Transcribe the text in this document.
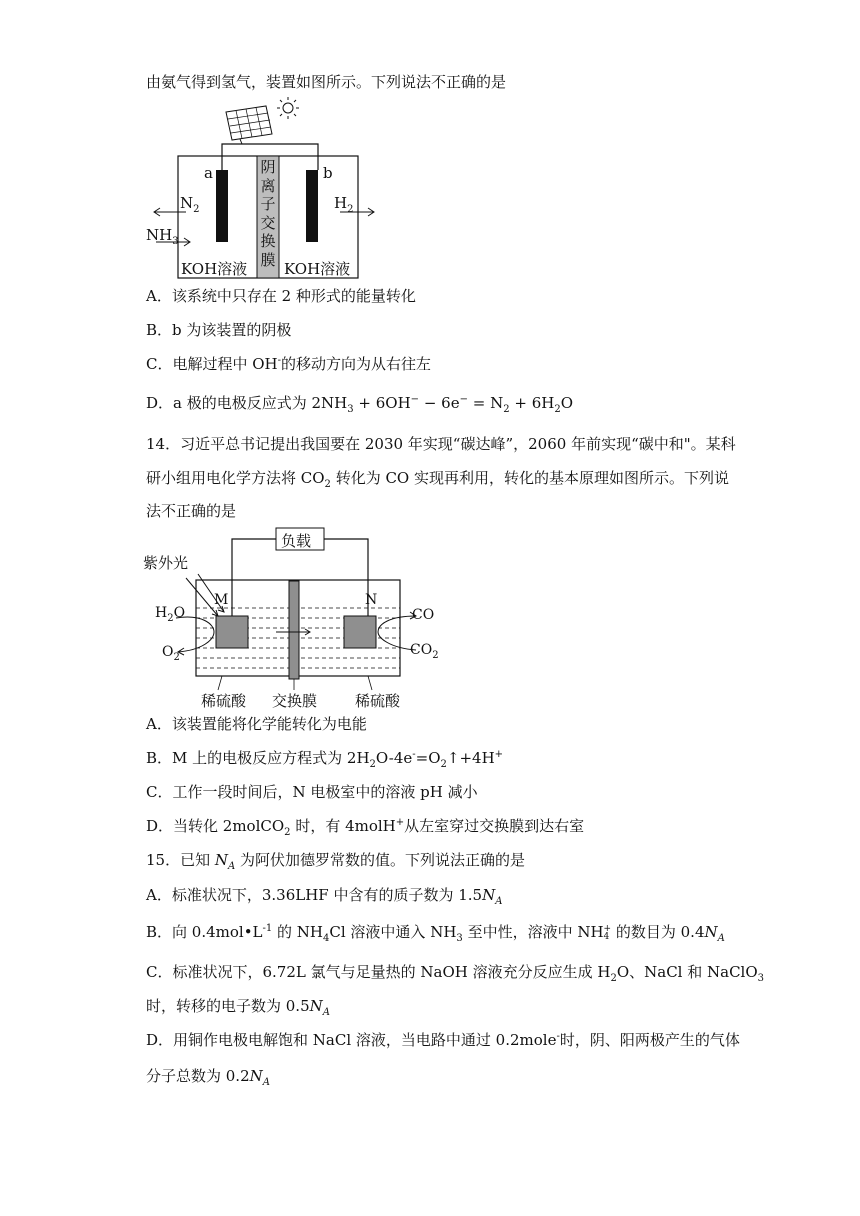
由氨气得到氢气，装置如图所示。下列说法不正确的是
a	b
阴
离
子
交
换
膜
$N_2$
$NH_3$
$H_2$
KOH溶液 KOH溶液
A．该系统中只存在 2 种形式的能量转化
B．b 为该装置的阴极
C．电解过程中 OH-的移动方向为从右往左
D．a 极的电极反应式为 $2NH_3 + 6OH^- - 6e^- = N_2 + 6H_2O$
14．习近平总书记提出我国要在 2030 年实现“碳达峰”，2060 年前实现“碳中和"。某科
研小组用电化学方法将 $CO_2$ 转化为 CO 实现再利用，转化的基本原理如图所示。下列说
法不正确的是
负载
紫外光
M	N
$H_2O$
$O_2$
CO
$CO_2$
稀硫酸 交换膜	稀硫酸
A．该装置能将化学能转化为电能
B．M 上的电极反应方程式为 $2H_2O-4e^-=O_2↑+4H^+$
C．工作一段时间后，N 电极室中的溶液 pH 减小
D．当转化 2molCO$_2$ 时，有 4molH+从左室穿过交换膜到达右室
15．已知 $N_A$ 为阿伏加德罗常数的值。下列说法正确的是
A．标准状况下，3.36LHF 中含有的质子数为 $1.5N_A$
B．向 $0.4mol•L^{-1}$ 的 $NH_4Cl$ 溶液中通入 $NH_3$ 至中性，溶液中 NH +
4 的数目为 $0.4N_A$
C．标准状况下，6.72L 氯气与足量热的 NaOH 溶液充分反应生成 $H_2O$、NaCl 和 NaClO$_3$
时，转移的电子数为 $0.5N_A$
D．用铜作电极电解饱和 NaCl 溶液，当电路中通过 0.2mole-时，阴、阳两极产生的气体
分子总数为 $0.2N_A$
